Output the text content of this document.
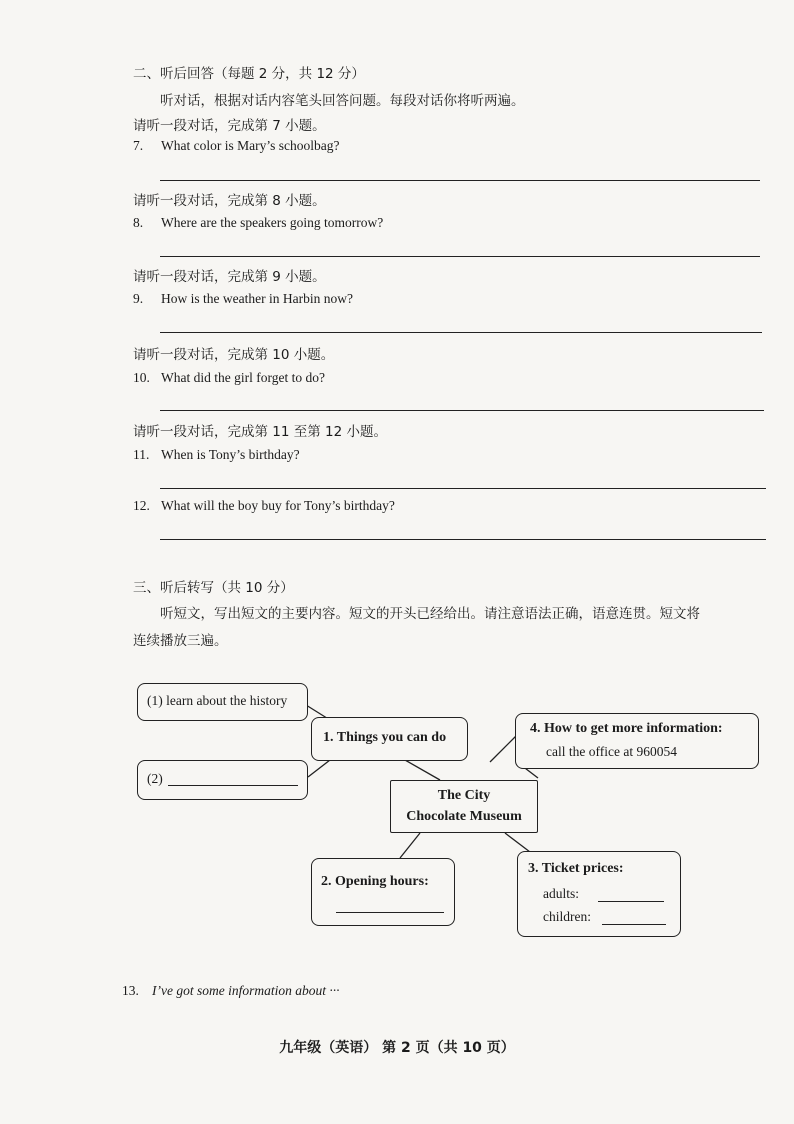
二、听后回答（每题 2 分，共 12 分）
听对话，根据对话内容笔头回答问题。每段对话你将听两遍。
请听一段对话，完成第 7 小题。
7. What color is Mary’s schoolbag?
请听一段对话，完成第 8 小题。
8. Where are the speakers going tomorrow?
请听一段对话，完成第 9 小题。
9. How is the weather in Harbin now?
请听一段对话，完成第 10 小题。
10. What did the girl forget to do?
请听一段对话，完成第 11 至第 12 小题。
11. When is Tony’s birthday?
12. What will the boy buy for Tony’s birthday?
三、听后转写（共 10 分）
听短文，写出短文的主要内容。短文的开头已经给出。请注意语法正确，语意连贯。短文将
连续播放三遍。
(1) learn about the history
1. Things you can do
(2)
4. How to get more information:
call the office at 960054
The City
Chocolate Museum
2. Opening hours:
3. Ticket prices:
adults:
children:
13. I’ve got some information about ···
九年级（英语） 第 2 页（共 10 页）
